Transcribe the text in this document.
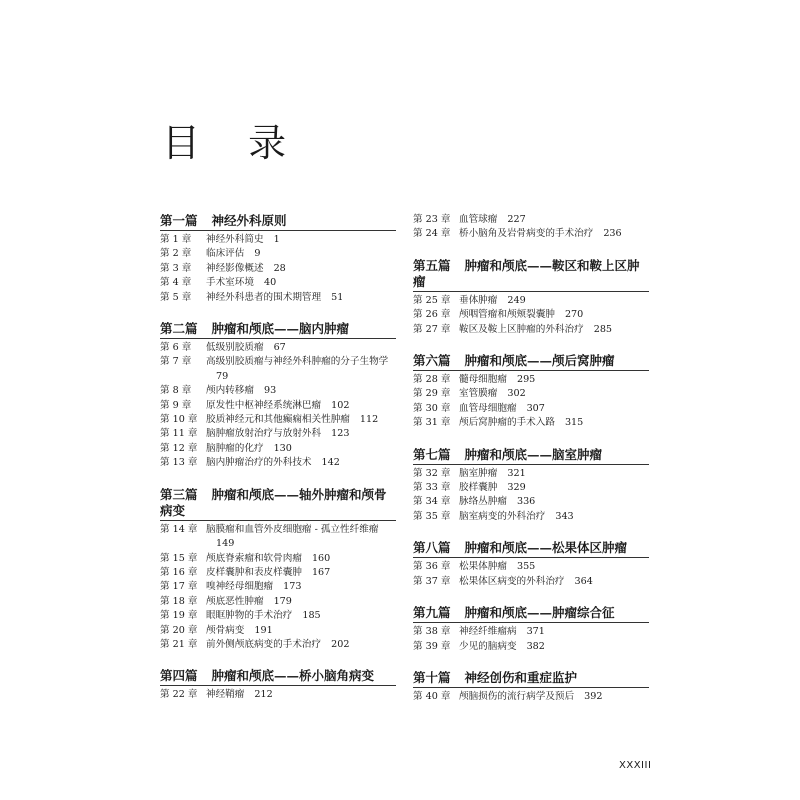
目 录
第一篇 神经外科原则
第 1 章	神经外科简史 1
第 2 章	临床评估 9
第 3 章	神经影像概述 28
第 4 章	手术室环境 40
第 5 章	神经外科患者的围术期管理 51
第二篇 肿瘤和颅底——脑内肿瘤
第 6 章	低级别胶质瘤 67
第 7 章	高级别胶质瘤与神经外科肿瘤的分子生物学79
第 8 章	颅内转移瘤 93
第 9 章	原发性中枢神经系统淋巴瘤 102
第 10 章 胶质神经元和其他癫痫相关性肿瘤 112
第 11 章 脑肿瘤放射治疗与放射外科 123
第 12 章 脑肿瘤的化疗 130
第 13 章 脑内肿瘤治疗的外科技术 142
第三篇 肿瘤和颅底——轴外肿瘤和颅骨病变
第 14 章 脑膜瘤和血管外皮细胞瘤 - 孤立性纤维瘤149
第 15 章 颅底脊索瘤和软骨肉瘤 160
第 16 章 皮样囊肿和表皮样囊肿 167
第 17 章 嗅神经母细胞瘤 173
第 18 章 颅底恶性肿瘤 179
第 19 章 眼眶肿物的手术治疗 185
第 20 章 颅骨病变 191
第 21 章 前外侧颅底病变的手术治疗 202
第四篇 肿瘤和颅底——桥小脑角病变
第 22 章 神经鞘瘤 212
第 23 章 血管球瘤 227
第 24 章 桥小脑角及岩骨病变的手术治疗 236
第五篇 肿瘤和颅底——鞍区和鞍上区肿瘤
第 25 章 垂体肿瘤 249
第 26 章 颅咽管瘤和颅颊裂囊肿 270
第 27 章 鞍区及鞍上区肿瘤的外科治疗 285
第六篇 肿瘤和颅底——颅后窝肿瘤
第 28 章 髓母细胞瘤 295
第 29 章 室管膜瘤 302
第 30 章 血管母细胞瘤 307
第 31 章 颅后窝肿瘤的手术入路 315
第七篇 肿瘤和颅底——脑室肿瘤
第 32 章 脑室肿瘤 321
第 33 章 胶样囊肿 329
第 34 章 脉络丛肿瘤 336
第 35 章 脑室病变的外科治疗 343
第八篇 肿瘤和颅底——松果体区肿瘤
第 36 章 松果体肿瘤 355
第 37 章 松果体区病变的外科治疗 364
第九篇 肿瘤和颅底——肿瘤综合征
第 38 章 神经纤维瘤病 371
第 39 章 少见的脑病变 382
第十篇 神经创伤和重症监护
第 40 章 颅脑损伤的流行病学及预后 392
XXXIII
